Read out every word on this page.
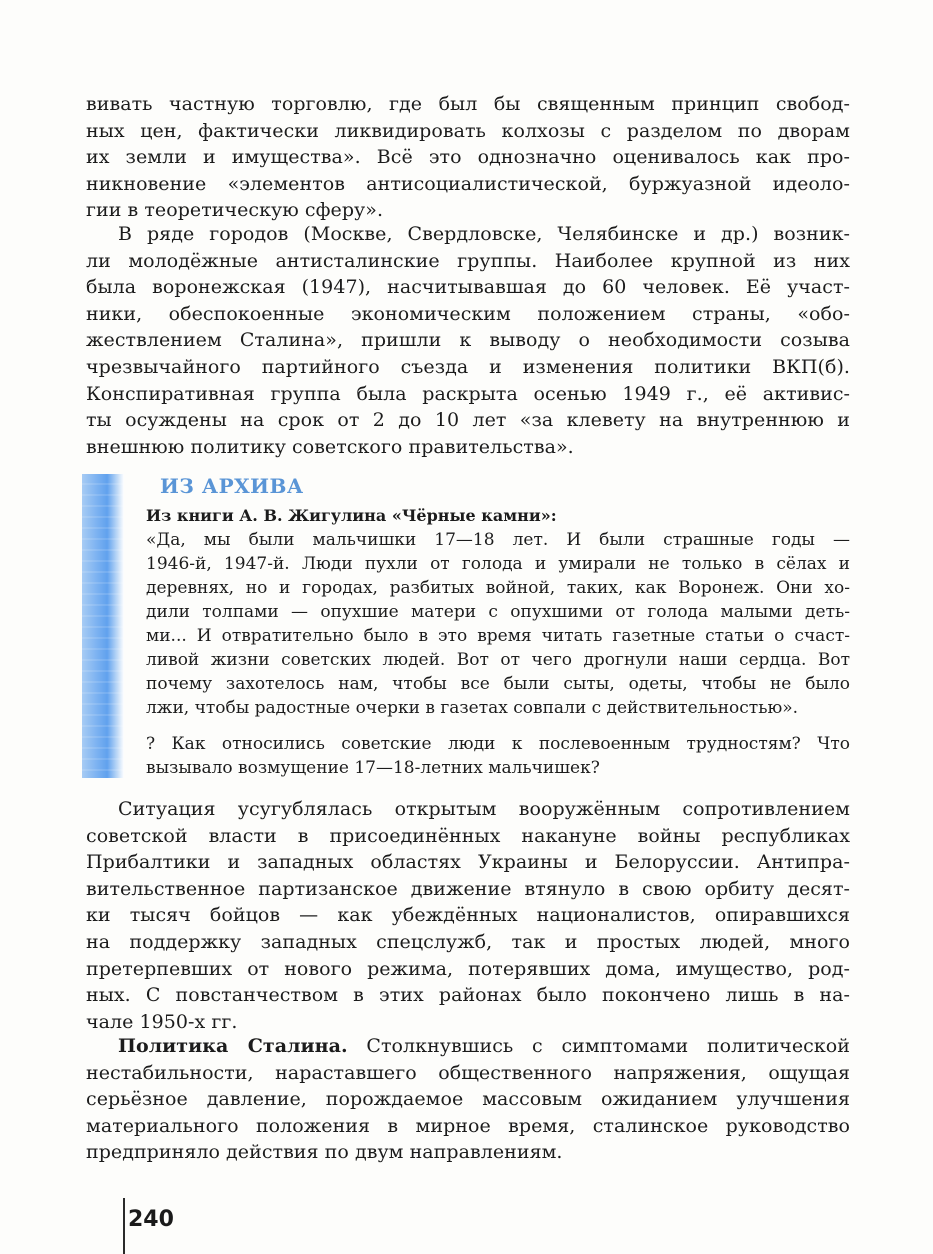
вивать частную торговлю, где был бы священным принцип свобод-
ных цен, фактически ликвидировать колхозы с разделом по дворам
их земли и имущества». Всё это однозначно оценивалось как про-
никновение «элементов антисоциалистической, буржуазной идеоло-
гии в теоретическую сферу».
В ряде городов (Москве, Свердловске, Челябинске и др.) возник-
ли молодёжные антисталинские группы. Наиболее крупной из них
была воронежская (1947), насчитывавшая до 60 человек. Её участ-
ники, обеспокоенные экономическим положением страны, «обо-
жествлением Сталина», пришли к выводу о необходимости созыва
чрезвычайного партийного съезда и изменения политики ВКП(б).
Конспиративная группа была раскрыта осенью 1949 г., её активис-
ты осуждены на срок от 2 до 10 лет «за клевету на внутреннюю и
внешнюю политику советского правительства».
ИЗ АРХИВА
Из книги А. В. Жигулина «Чёрные камни»:
«Да, мы были мальчишки 17—18 лет. И были страшные годы —
1946-й, 1947-й. Люди пухли от голода и умирали не только в сёлах и
деревнях, но и городах, разбитых войной, таких, как Воронеж. Они хо-
дили толпами — опухшие матери с опухшими от голода малыми деть-
ми... И отвратительно было в это время читать газетные статьи о счаст-
ливой жизни советских людей. Вот от чего дрогнули наши сердца. Вот
почему захотелось нам, чтобы все были сыты, одеты, чтобы не было
лжи, чтобы радостные очерки в газетах совпали с действительностью».
? Как относились советские люди к послевоенным трудностям? Что
вызывало возмущение 17—18-летних мальчишек?
Ситуация усугублялась открытым вооружённым сопротивлением
советской власти в присоединённых накануне войны республиках
Прибалтики и западных областях Украины и Белоруссии. Антипра-
вительственное партизанское движение втянуло в свою орбиту десят-
ки тысяч бойцов — как убеждённых националистов, опиравшихся
на поддержку западных спецслужб, так и простых людей, много
претерпевших от нового режима, потерявших дома, имущество, род-
ных. С повстанчеством в этих районах было покончено лишь в на-
чале 1950-х гг.
Политика Сталина. Столкнувшись с симптомами политической
нестабильности, нараставшего общественного напряжения, ощущая
серьёзное давление, порождаемое массовым ожиданием улучшения
материального положения в мирное время, сталинское руководство
предприняло действия по двум направлениям.
240
